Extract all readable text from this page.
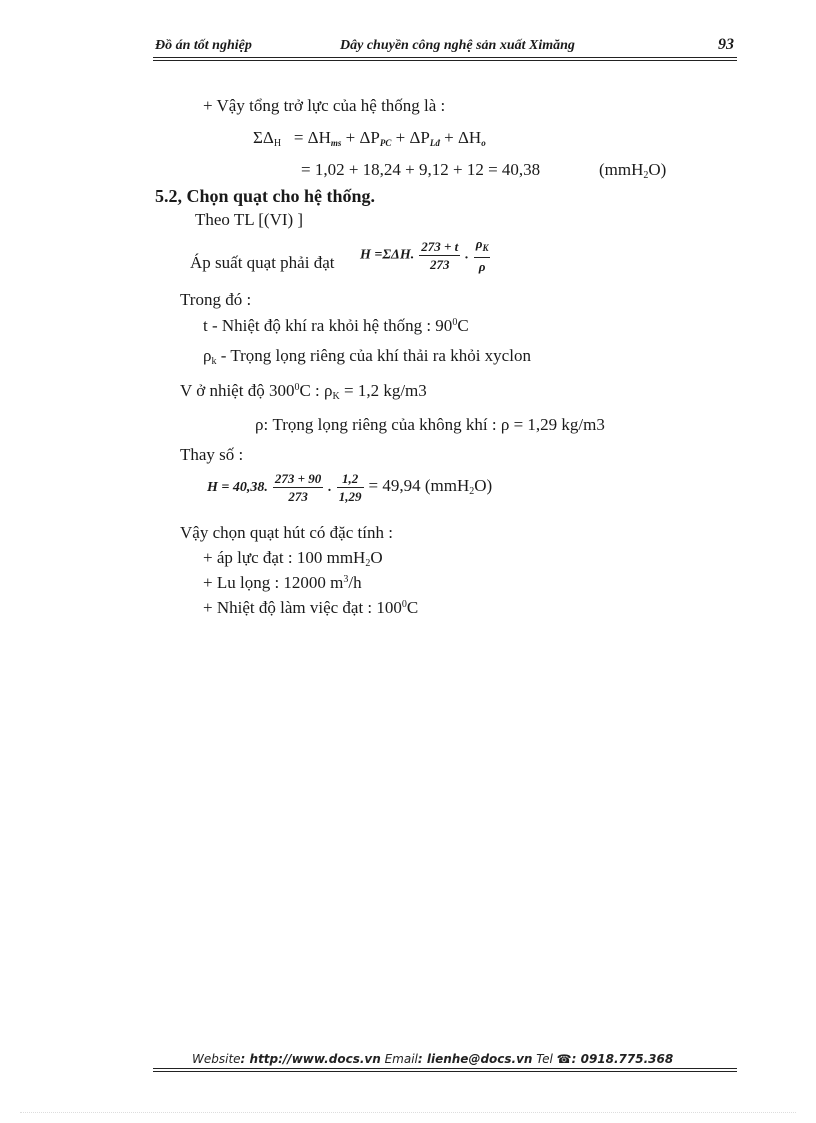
Đồ án tốt nghiệp	Dây chuyền công nghệ sản xuất Ximăng	93
+ Vậy tổng trở lực của hệ thống là :
$\Sigma\Delta_H = \Delta Hms + \Delta PPC$ + ΔPLđ + ΔHo
= 1,02 + 18,24 + 9,12 + 12 = 40,38	(mmH$_2$O)
5.2, Chọn quạt cho hệ thống.
Theo TL [(VI) ]
Áp suất quạt phải đạt H =ΣΔH. $\frac{273 + t}{273}$ . $\frac{\rho_K}{\rho}$
Trong đó :
t - Nhiệt độ khí ra khỏi hệ thống : $90^0C$
$\rho_k$ - Trọng lọng riêng của khí thải ra khỏi xyclon
V ở nhiệt độ $300^0C$ : $\rho_K = 1,2$ kg/m3
ρ: Trọng lọng riêng của không khí : ρ = 1,29 kg/m3
Thay số :
H = 40,38. $\frac{273 + 90}{273}$ . $\frac{1,2}{1,29} = 49,94$ (mmH$_2$O)
Vậy chọn quạt hút có đặc tính :
+ áp lực đạt : 100 mmH$_2$O
+ Lu lọng : 12000 $m^3/h$
+ Nhiệt độ làm việc đạt : $100^0C$
Website: http://www.docs.vn Email: lienhe@docs.vn Tel ☎: 0918.775.368
